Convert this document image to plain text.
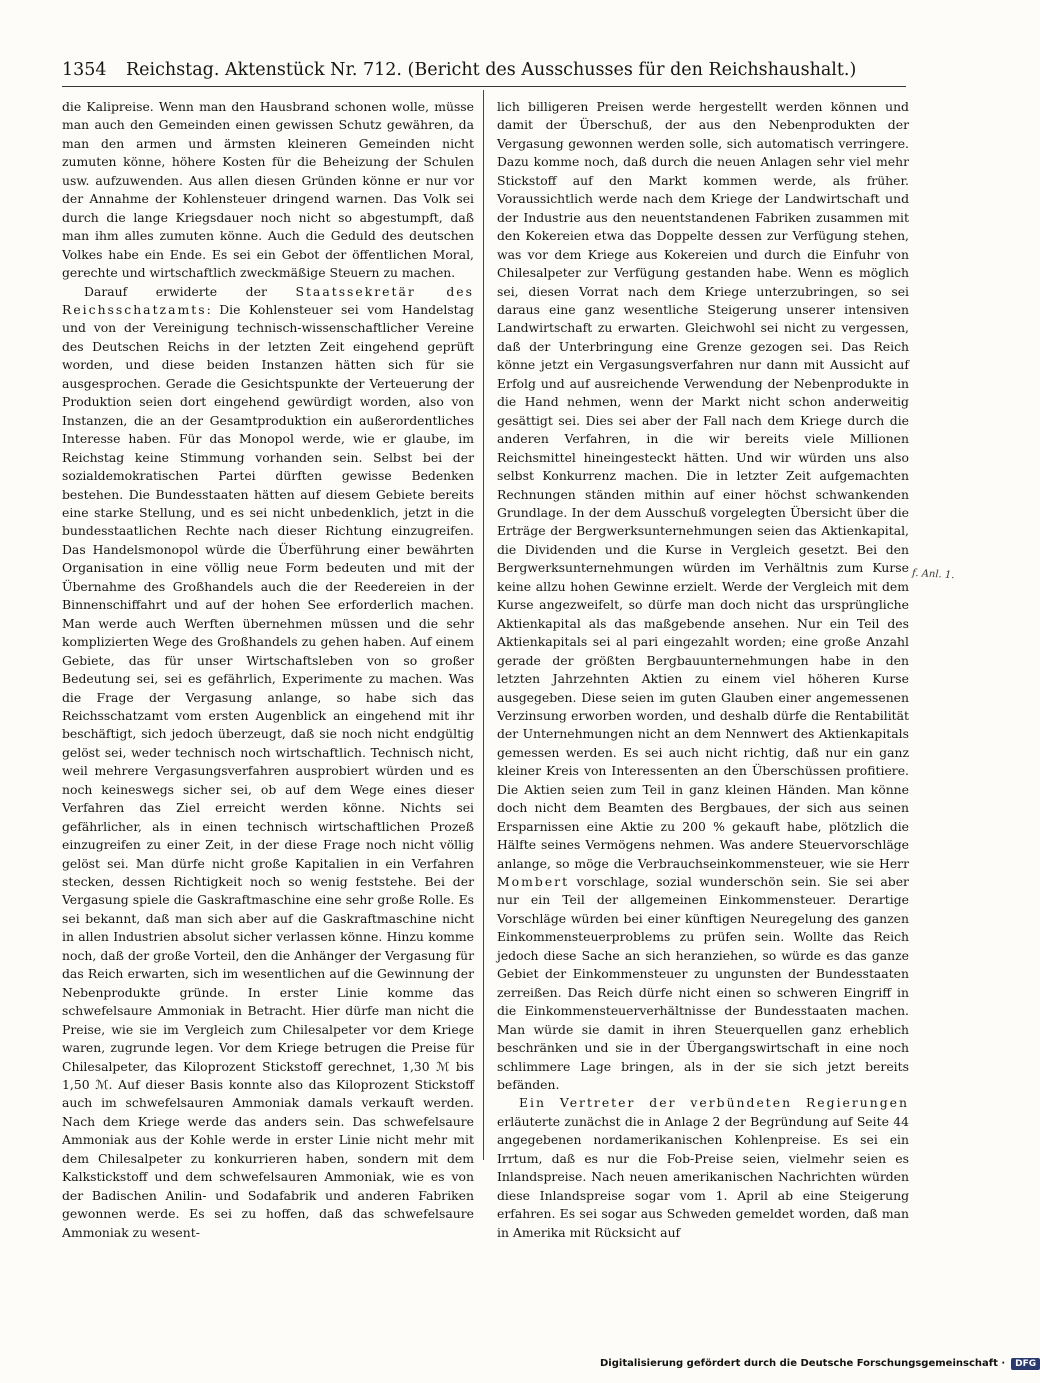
1354 Reichstag. Aktenstück Nr. 712. (Bericht des Ausschusses für den Reichshaushalt.)

die Kalipreise. Wenn man den Hausbrand schonen wolle, müsse man auch den Gemeinden einen gewissen Schutz gewähren, da man den armen und ärmsten kleineren Gemeinden nicht zumuten könne, höhere Kosten für die Beheizung der Schulen usw. aufzuwenden. Aus allen diesen Gründen könne er nur vor der Annahme der Kohlensteuer dringend warnen. Das Volk sei durch die lange Kriegsdauer noch nicht so abgestumpft, daß man ihm alles zumuten könne. Auch die Geduld des deutschen Volkes habe ein Ende. Es sei ein Gebot der öffentlichen Moral, gerechte und wirtschaftlich zweckmäßige Steuern zu machen.

Darauf erwiderte der Staatssekretär des Reichsschatzamts: Die Kohlensteuer sei vom Handelstag und von der Vereinigung technisch-wissenschaftlicher Vereine des Deutschen Reichs in der letzten Zeit eingehend geprüft worden, und diese beiden Instanzen hätten sich für sie ausgesprochen. Gerade die Gesichtspunkte der Verteuerung der Produktion seien dort eingehend gewürdigt worden, also von Instanzen, die an der Gesamtproduktion ein außerordentliches Interesse haben. Für das Monopol werde, wie er glaube, im Reichstag keine Stimmung vorhanden sein. Selbst bei der sozialdemokratischen Partei dürften gewisse Bedenken bestehen. Die Bundesstaaten hätten auf diesem Gebiete bereits eine starke Stellung, und es sei nicht unbedenklich, jetzt in die bundesstaatlichen Rechte nach dieser Richtung einzugreifen. Das Handelsmonopol würde die Überführung einer bewährten Organisation in eine völlig neue Form bedeuten und mit der Übernahme des Großhandels auch die der Reedereien in der Binnenschiffahrt und auf der hohen See erforderlich machen. Man werde auch Werften übernehmen müssen und die sehr komplizierten Wege des Großhandels zu gehen haben. Auf einem Gebiete, das für unser Wirtschaftsleben von so großer Bedeutung sei, sei es gefährlich, Experimente zu machen. Was die Frage der Vergasung anlange, so habe sich das Reichsschatzamt vom ersten Augenblick an eingehend mit ihr beschäftigt, sich jedoch überzeugt, daß sie noch nicht endgültig gelöst sei, weder technisch noch wirtschaftlich. Technisch nicht, weil mehrere Vergasungsverfahren ausprobiert würden und es noch keineswegs sicher sei, ob auf dem Wege eines dieser Verfahren das Ziel erreicht werden könne. Nichts sei gefährlicher, als in einen technisch wirtschaftlichen Prozeß einzugreifen zu einer Zeit, in der diese Frage noch nicht völlig gelöst sei. Man dürfe nicht große Kapitalien in ein Verfahren stecken, dessen Richtigkeit noch so wenig feststehe. Bei der Vergasung spiele die Gaskraftmaschine eine sehr große Rolle. Es sei bekannt, daß man sich aber auf die Gaskraftmaschine nicht in allen Industrien absolut sicher verlassen könne. Hinzu komme noch, daß der große Vorteil, den die Anhänger der Vergasung für das Reich erwarten, sich im wesentlichen auf die Gewinnung der Nebenprodukte gründe. In erster Linie komme das schwefelsaure Ammoniak in Betracht. Hier dürfe man nicht die Preise, wie sie im Vergleich zum Chilesalpeter vor dem Kriege waren, zugrunde legen. Vor dem Kriege betrugen die Preise für Chilesalpeter, das Kiloprozent Stickstoff gerechnet, 1,30 ℳ bis 1,50 ℳ. Auf dieser Basis konnte also das Kiloprozent Stickstoff auch im schwefelsauren Ammoniak damals verkauft werden. Nach dem Kriege werde das anders sein. Das schwefelsaure Ammoniak aus der Kohle werde in erster Linie nicht mehr mit dem Chilesalpeter zu konkurrieren haben, sondern mit dem Kalkstickstoff und dem schwefelsauren Ammoniak, wie es von der Badischen Anilin- und Sodafabrik und anderen Fabriken gewonnen werde. Es sei zu hoffen, daß das schwefelsaure Ammoniak zu wesent-

lich billigeren Preisen werde hergestellt werden können und damit der Überschuß, der aus den Nebenprodukten der Vergasung gewonnen werden solle, sich automatisch verringere. Dazu komme noch, daß durch die neuen Anlagen sehr viel mehr Stickstoff auf den Markt kommen werde, als früher. Voraussichtlich werde nach dem Kriege der Landwirtschaft und der Industrie aus den neuentstandenen Fabriken zusammen mit den Kokereien etwa das Doppelte dessen zur Verfügung stehen, was vor dem Kriege aus Kokereien und durch die Einfuhr von Chilesalpeter zur Verfügung gestanden habe. Wenn es möglich sei, diesen Vorrat nach dem Kriege unterzubringen, so sei daraus eine ganz wesentliche Steigerung unserer intensiven Landwirtschaft zu erwarten. Gleichwohl sei nicht zu vergessen, daß der Unterbringung eine Grenze gezogen sei. Das Reich könne jetzt ein Vergasungsverfahren nur dann mit Aussicht auf Erfolg und auf ausreichende Verwendung der Nebenprodukte in die Hand nehmen, wenn der Markt nicht schon anderweitig gesättigt sei. Dies sei aber der Fall nach dem Kriege durch die anderen Verfahren, in die wir bereits viele Millionen Reichsmittel hineingesteckt hätten. Und wir würden uns also selbst Konkurrenz machen. Die in letzter Zeit aufgemachten Rechnungen ständen mithin auf einer höchst schwankenden Grundlage. In der dem Ausschuß vorgelegten Übersicht über die Erträge der Bergwerksunternehmungen seien das Aktienkapital, die Dividenden und die Kurse in Vergleich gesetzt. Bei den Bergwerksunternehmungen würden im Verhältnis zum Kurse keine allzu hohen Gewinne erzielt. Werde der Vergleich mit dem Kurse angezweifelt, so dürfe man doch nicht das ursprüngliche Aktienkapital als das maßgebende ansehen. Nur ein Teil des Aktienkapitals sei al pari eingezahlt worden; eine große Anzahl gerade der größten Bergbauunternehmungen habe in den letzten Jahrzehnten Aktien zu einem viel höheren Kurse ausgegeben. Diese seien im guten Glauben einer angemessenen Verzinsung erworben worden, und deshalb dürfe die Rentabilität der Unternehmungen nicht an dem Nennwert des Aktienkapitals gemessen werden. Es sei auch nicht richtig, daß nur ein ganz kleiner Kreis von Interessenten an den Überschüssen profitiere. Die Aktien seien zum Teil in ganz kleinen Händen. Man könne doch nicht dem Beamten des Bergbaues, der sich aus seinen Ersparnissen eine Aktie zu 200 % gekauft habe, plötzlich die Hälfte seines Vermögens nehmen. Was andere Steuervorschläge anlange, so möge die Verbrauchseinkommensteuer, wie sie Herr Mombert vorschlage, sozial wunderschön sein. Sie sei aber nur ein Teil der allgemeinen Einkommensteuer. Derartige Vorschläge würden bei einer künftigen Neuregelung des ganzen Einkommensteuerproblems zu prüfen sein. Wollte das Reich jedoch diese Sache an sich heranziehen, so würde es das ganze Gebiet der Einkommensteuer zu ungunsten der Bundesstaaten zerreißen. Das Reich dürfe nicht einen so schweren Eingriff in die Einkommensteuerverhältnisse der Bundesstaaten machen. Man würde sie damit in ihren Steuerquellen ganz erheblich beschränken und sie in der Übergangswirtschaft in eine noch schlimmere Lage bringen, als in der sie sich jetzt bereits befänden.

Ein Vertreter der verbündeten Regierungen erläuterte zunächst die in Anlage 2 der Begründung auf Seite 44 angegebenen nordamerikanischen Kohlenpreise. Es sei ein Irrtum, daß es nur die Fob-Preise seien, vielmehr seien es Inlandspreise. Nach neuen amerikanischen Nachrichten würden diese Inlandspreise sogar vom 1. April ab eine Steigerung erfahren. Es sei sogar aus Schweden gemeldet worden, daß man in Amerika mit Rücksicht auf

f. Anl. 1.
Digitalisierung gefördert durch die Deutsche Forschungsgemeinschaft · DFG
